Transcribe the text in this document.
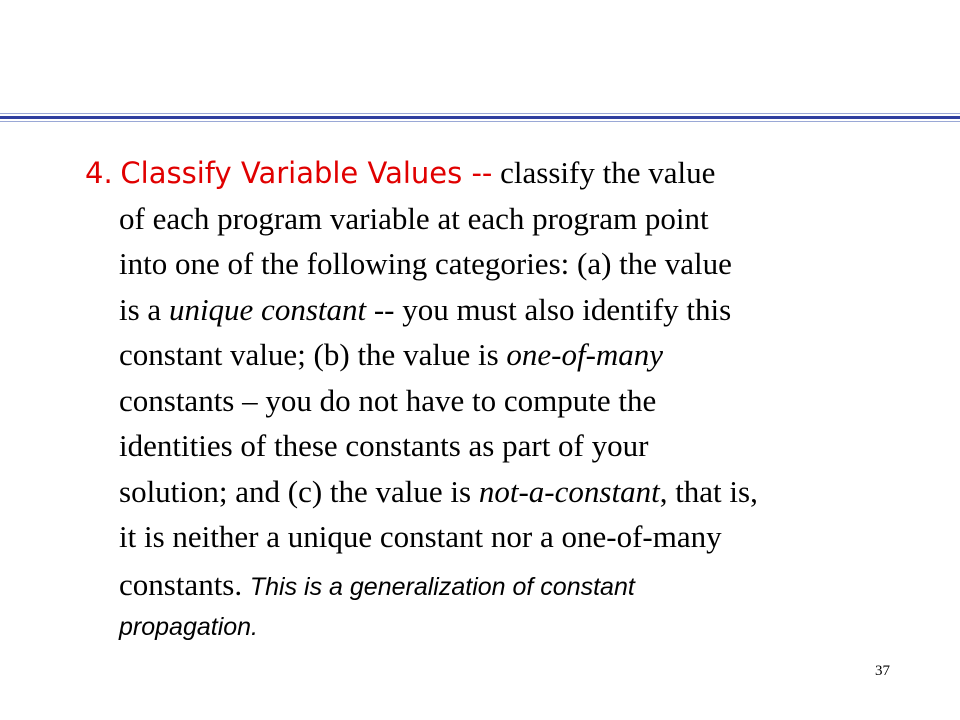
4. Classify Variable Values -- classify the value
of each program variable at each program point
into one of the following categories: (a) the value
is a unique constant -- you must also identify this
constant value; (b) the value is one-of-many
constants – you do not have to compute the
identities of these constants as part of your
solution; and (c) the value is not-a-constant, that is,
it is neither a unique constant nor a one-of-many
constants. This is a generalization of constant
propagation.
37
